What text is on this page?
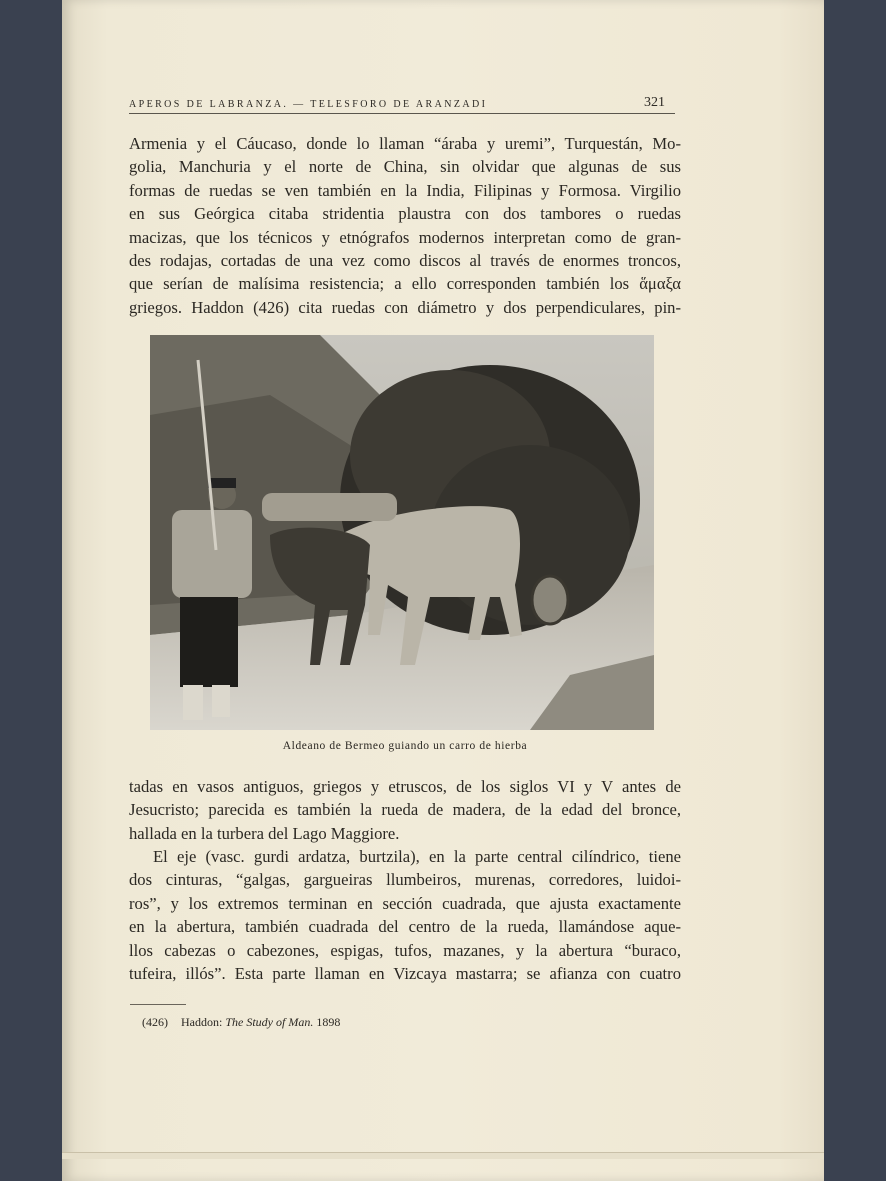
APEROS DE LABRANZA. — TELESFORO DE ARANZADI	321
Armenia y el Cáucaso, donde lo llaman “áraba y uremi”, Turquestán, Mo-
golia, Manchuria y el norte de China, sin olvidar que algunas de sus
formas de ruedas se ven también en la India, Filipinas y Formosa. Virgilio
en sus Geórgica citaba stridentia plaustra con dos tambores o ruedas
macizas, que los técnicos y etnógrafos modernos interpretan como de gran-
des rodajas, cortadas de una vez como discos al través de enormes troncos,
que serían de malísima resistencia; a ello corresponden también los ἅμαξα
griegos. Haddon (426) cita ruedas con diámetro y dos perpendiculares, pin-
Aldeano de Bermeo guiando un carro de hierba
tadas en vasos antiguos, griegos y etruscos, de los siglos VI y V antes de
Jesucristo; parecida es también la rueda de madera, de la edad del bronce,
hallada en la turbera del Lago Maggiore.
El eje (vasc. gurdi ardatza, burtzila), en la parte central cilíndrico, tiene
dos cinturas, “galgas, gargueiras llumbeiros, murenas, corredores, luidoi-
ros”, y los extremos terminan en sección cuadrada, que ajusta exactamente
en la abertura, también cuadrada del centro de la rueda, llamándose aque-
llos cabezas o cabezones, espigas, tufos, mazanes, y la abertura “buraco,
tufeira, illós”. Esta parte llaman en Vizcaya mastarra; se afianza con cuatro
(426) Haddon: The Study of Man. 1898
